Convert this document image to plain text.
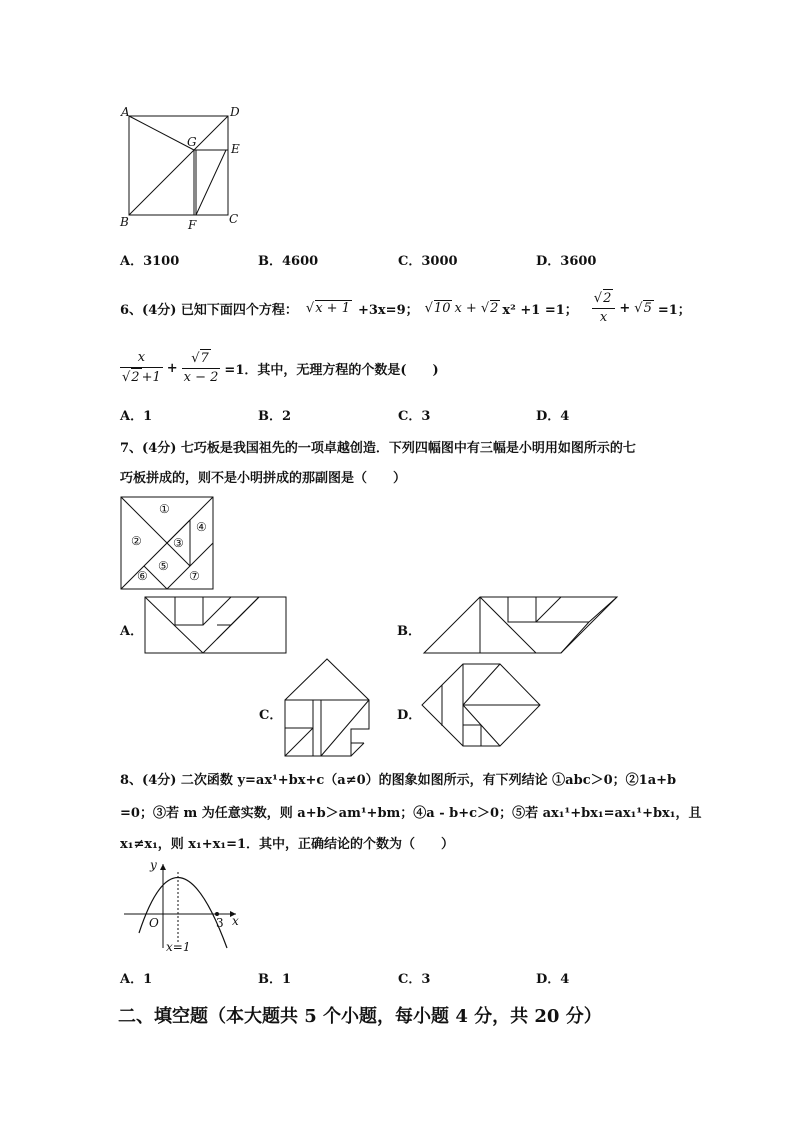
A	D
G	E
B	F	C
A．3100	B．4600	C．3000	D．3600
6、(4分) 已知下面四个方程： √ x + 1 +3x=9； √ 10 x + √ 2 x² +1 =1； √ $\frac{2}{x}$ + √ 5 =1；
x
√ 2 +1 + √ $\frac{7}{x - 2} =1$．其中，无理方程的个数是(　　)
A．1	B．2	C．3	D．4
7、(4分) 七巧板是我国祖先的一项卓越创造．下列四幅图中有三幅是小明用如图所示的七
巧板拼成的，则不是小明拼成的那副图是（　　）
①
②	③
④
⑤
⑥	⑦
A．	B．
C．	D．
8、(4分) 二次函数 y=ax¹+bx+c（a≠0）的图象如图所示，有下列结论 ①abc＞0；②1a+b
=0；③若 m 为任意实数，则 a+b＞am¹+bm；④a - b+c＞0；⑤若 ax₁¹+bx₁=ax₁¹+bx₁，且
x₁≠x₁，则 x₁+x₁=1．其中，正确结论的个数为（　　）
y
x
O	3
x=1
A．1	B．1	C．3	D．4
二、填空题（本大题共 5 个小题，每小题 4 分，共 20 分）
